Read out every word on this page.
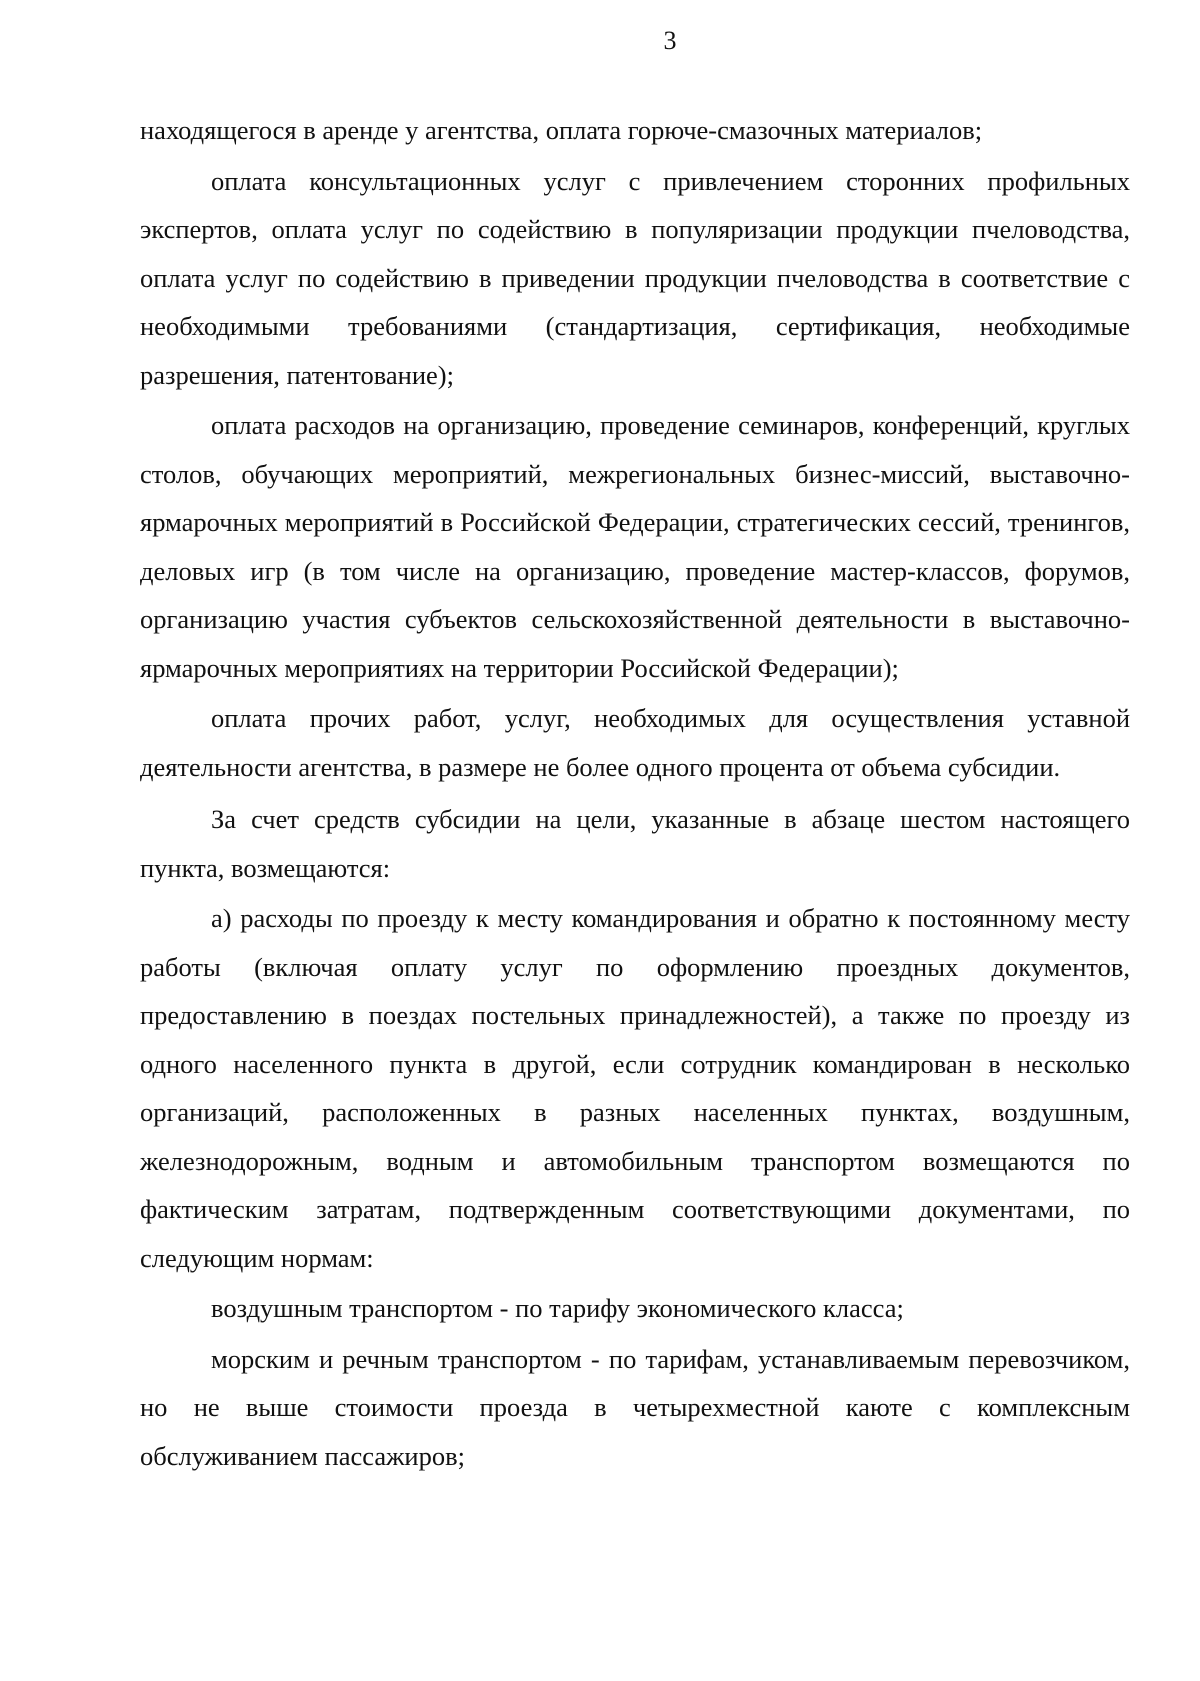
3

находящегося в аренде у агентства, оплата горюче-смазочных материалов;

оплата консультационных услуг с привлечением сторонних профильных экспертов, оплата услуг по содействию в популяризации продукции пчеловодства, оплата услуг по содействию в приведении продукции пчеловодства в соответствие с необходимыми требованиями (стандартизация, сертификация, необходимые разрешения, патентование);

оплата расходов на организацию, проведение семинаров, конференций, круглых столов, обучающих мероприятий, межрегиональных бизнес-миссий, выставочно-ярмарочных мероприятий в Российской Федерации, стратегических сессий, тренингов, деловых игр (в том числе на организацию, проведение мастер-классов, форумов, организацию участия субъектов сельскохозяйственной деятельности в выставочно-ярмарочных мероприятиях на территории Российской Федерации);

оплата прочих работ, услуг, необходимых для осуществления уставной деятельности агентства, в размере не более одного процента от объема субсидии.

За счет средств субсидии на цели, указанные в абзаце шестом настоящего пункта, возмещаются:

а) расходы по проезду к месту командирования и обратно к постоянному месту работы (включая оплату услуг по оформлению проездных документов, предоставлению в поездах постельных принадлежностей), а также по проезду из одного населенного пункта в другой, если сотрудник командирован в несколько организаций, расположенных в разных населенных пунктах, воздушным, железнодорожным, водным и автомобильным транспортом возмещаются по фактическим затратам, подтвержденным соответствующими документами, по следующим нормам:

воздушным транспортом - по тарифу экономического класса;

морским и речным транспортом - по тарифам, устанавливаемым перевозчиком, но не выше стоимости проезда в четырехместной каюте с комплексным обслуживанием пассажиров;
